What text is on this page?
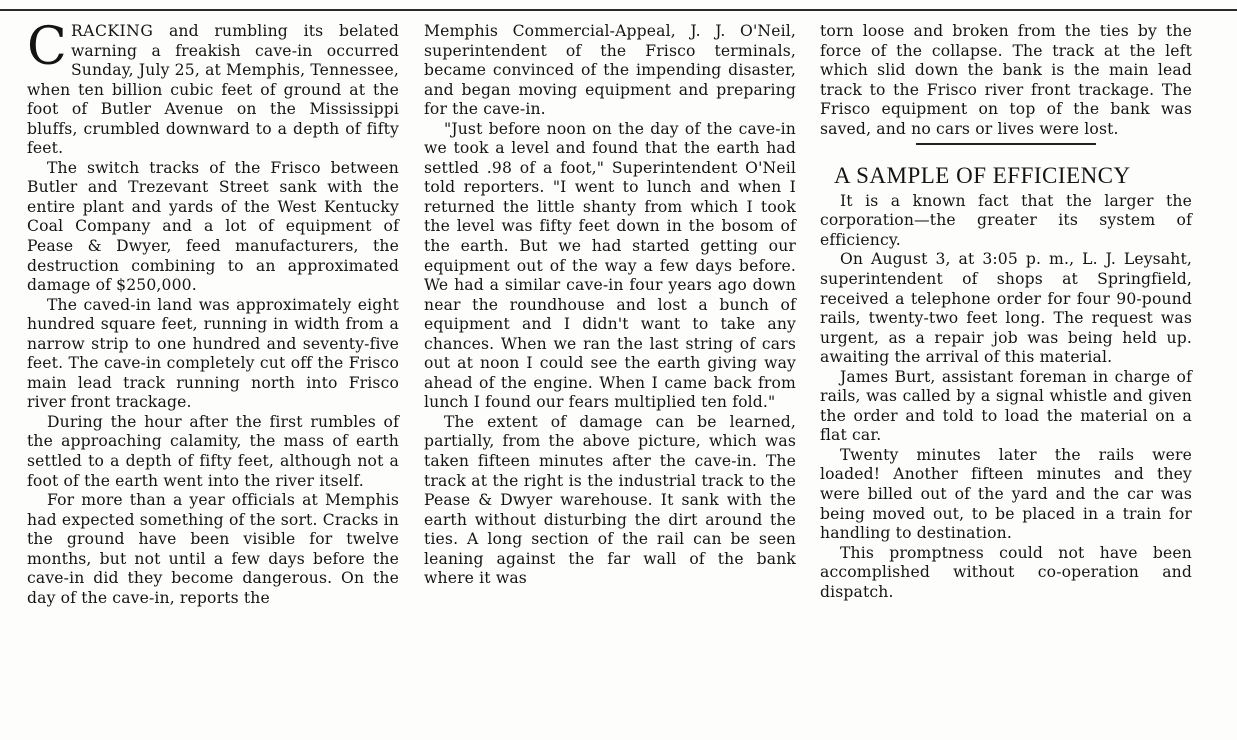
CRACKING and rumbling its belated warning a freakish cave-in occurred Sunday, July 25, at Memphis, Tennessee, when ten billion cubic feet of ground at the foot of Butler Avenue on the Mississippi bluffs, crumbled downward to a depth of fifty feet.

The switch tracks of the Frisco between Butler and Trezevant Street sank with the entire plant and yards of the West Kentucky Coal Company and a lot of equipment of Pease & Dwyer, feed manufacturers, the destruction combining to an approximated damage of $250,000.

The caved-in land was approximately eight hundred square feet, running in width from a narrow strip to one hundred and seventy-five feet. The cave-in completely cut off the Frisco main lead track running north into Frisco river front trackage.

During the hour after the first rumbles of the approaching calamity, the mass of earth settled to a depth of fifty feet, although not a foot of the earth went into the river itself.

For more than a year officials at Memphis had expected something of the sort. Cracks in the ground have been visible for twelve months, but not until a few days before the cave-in did they become dangerous. On the day of the cave-in, reports the

Memphis Commercial-Appeal, J. J. O'Neil, superintendent of the Frisco terminals, became convinced of the impending disaster, and began moving equipment and preparing for the cave-in.

"Just before noon on the day of the cave-in we took a level and found that the earth had settled .98 of a foot," Superintendent O'Neil told reporters. "I went to lunch and when I returned the little shanty from which I took the level was fifty feet down in the bosom of the earth. But we had started getting our equipment out of the way a few days before. We had a similar cave-in four years ago down near the roundhouse and lost a bunch of equipment and I didn't want to take any chances. When we ran the last string of cars out at noon I could see the earth giving way ahead of the engine. When I came back from lunch I found our fears multiplied ten fold."

The extent of damage can be learned, partially, from the above picture, which was taken fifteen minutes after the cave-in. The track at the right is the industrial track to the Pease & Dwyer warehouse. It sank with the earth without disturbing the dirt around the ties. A long section of the rail can be seen leaning against the far wall of the bank where it was

torn loose and broken from the ties by the force of the collapse. The track at the left which slid down the bank is the main lead track to the Frisco river front trackage. The Frisco equipment on top of the bank was saved, and no cars or lives were lost.

A SAMPLE OF EFFICIENCY

It is a known fact that the larger the corporation—the greater its system of efficiency.

On August 3, at 3:05 p. m., L. J. Leysaht, superintendent of shops at Springfield, received a telephone order for four 90-pound rails, twenty-two feet long. The request was urgent, as a repair job was being held up. awaiting the arrival of this material.

James Burt, assistant foreman in charge of rails, was called by a signal whistle and given the order and told to load the material on a flat car.

Twenty minutes later the rails were loaded! Another fifteen minutes and they were billed out of the yard and the car was being moved out, to be placed in a train for handling to destination.

This promptness could not have been accomplished without co-operation and dispatch.
